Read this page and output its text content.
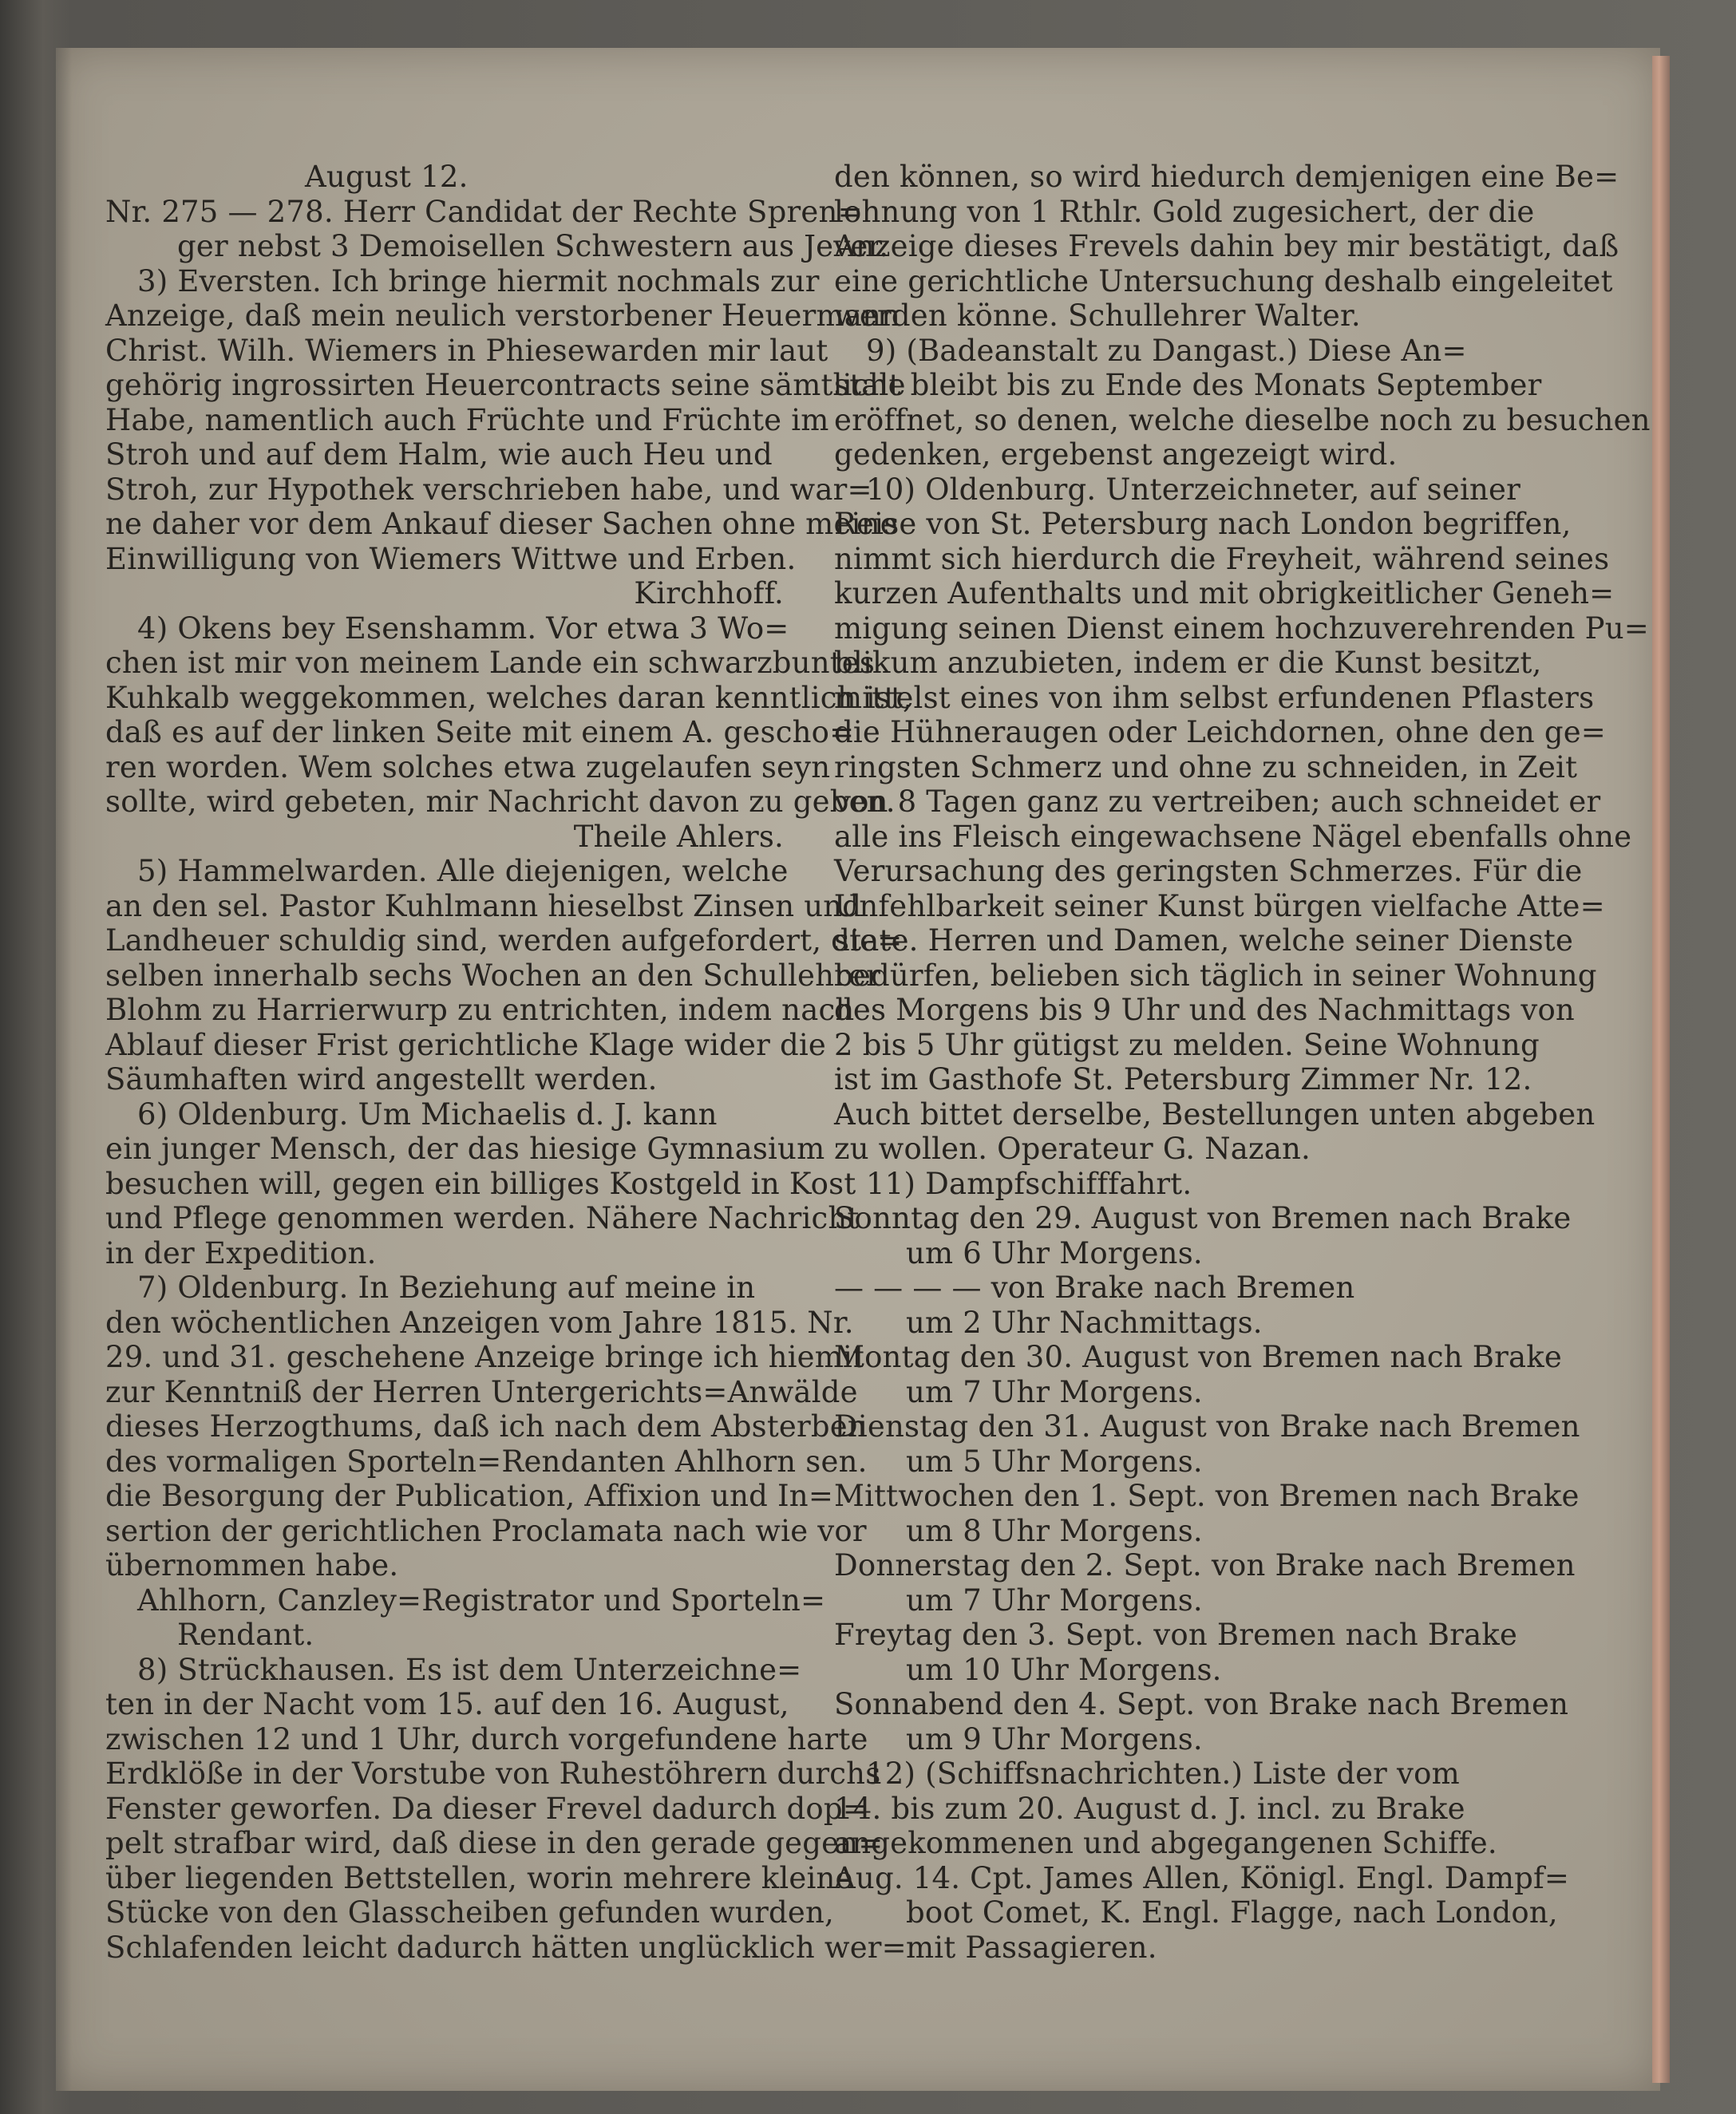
August 12.
Nr. 275 — 278. Herr Candidat der Rechte Spren=
ger nebst 3 Demoisellen Schwestern aus Jever.
3) Eversten. Ich bringe hiermit nochmals zur
Anzeige, daß mein neulich verstorbener Heuermann
Christ. Wilh. Wiemers in Phiesewarden mir laut
gehörig ingrossirten Heuercontracts seine sämtliche
Habe, namentlich auch Früchte und Früchte im
Stroh und auf dem Halm, wie auch Heu und
Stroh, zur Hypothek verschrieben habe, und war=
ne daher vor dem Ankauf dieser Sachen ohne meine
Einwilligung von Wiemers Wittwe und Erben.
Kirchhoff.
4) Okens bey Esenshamm. Vor etwa 3 Wo=
chen ist mir von meinem Lande ein schwarzbuntes
Kuhkalb weggekommen, welches daran kenntlich ist,
daß es auf der linken Seite mit einem A. gescho=
ren worden. Wem solches etwa zugelaufen seyn
sollte, wird gebeten, mir Nachricht davon zu geben.
Theile Ahlers.
5) Hammelwarden. Alle diejenigen, welche
an den sel. Pastor Kuhlmann hieselbst Zinsen und
Landheuer schuldig sind, werden aufgefordert, die=
selben innerhalb sechs Wochen an den Schullehrer
Blohm zu Harrierwurp zu entrichten, indem nach
Ablauf dieser Frist gerichtliche Klage wider die
Säumhaften wird angestellt werden.
6) Oldenburg. Um Michaelis d. J. kann
ein junger Mensch, der das hiesige Gymnasium
besuchen will, gegen ein billiges Kostgeld in Kost
und Pflege genommen werden. Nähere Nachricht
in der Expedition.
7) Oldenburg. In Beziehung auf meine in
den wöchentlichen Anzeigen vom Jahre 1815. Nr.
29. und 31. geschehene Anzeige bringe ich hiemit
zur Kenntniß der Herren Untergerichts=Anwälde
dieses Herzogthums, daß ich nach dem Absterben
des vormaligen Sporteln=Rendanten Ahlhorn sen.
die Besorgung der Publication, Affixion und In=
sertion der gerichtlichen Proclamata nach wie vor
übernommen habe.
Ahlhorn, Canzley=Registrator und Sporteln=
Rendant.
8) Strückhausen. Es ist dem Unterzeichne=
ten in der Nacht vom 15. auf den 16. August,
zwischen 12 und 1 Uhr, durch vorgefundene harte
Erdklöße in der Vorstube von Ruhestöhrern durchs
Fenster geworfen. Da dieser Frevel dadurch dop=
pelt strafbar wird, daß diese in den gerade gegen=
über liegenden Bettstellen, worin mehrere kleine
Stücke von den Glasscheiben gefunden wurden,
Schlafenden leicht dadurch hätten unglücklich wer=
den können, so wird hiedurch demjenigen eine Be=
lohnung von 1 Rthlr. Gold zugesichert, der die
Anzeige dieses Frevels dahin bey mir bestätigt, daß
eine gerichtliche Untersuchung deshalb eingeleitet
werden könne. Schullehrer Walter.
9) (Badeanstalt zu Dangast.) Diese An=
stalt bleibt bis zu Ende des Monats September
eröffnet, so denen, welche dieselbe noch zu besuchen
gedenken, ergebenst angezeigt wird.
10) Oldenburg. Unterzeichneter, auf seiner
Reise von St. Petersburg nach London begriffen,
nimmt sich hierdurch die Freyheit, während seines
kurzen Aufenthalts und mit obrigkeitlicher Geneh=
migung seinen Dienst einem hochzuverehrenden Pu=
blikum anzubieten, indem er die Kunst besitzt,
mittelst eines von ihm selbst erfundenen Pflasters
die Hühneraugen oder Leichdornen, ohne den ge=
ringsten Schmerz und ohne zu schneiden, in Zeit
von 8 Tagen ganz zu vertreiben; auch schneidet er
alle ins Fleisch eingewachsene Nägel ebenfalls ohne
Verursachung des geringsten Schmerzes. Für die
Unfehlbarkeit seiner Kunst bürgen vielfache Atte=
state. Herren und Damen, welche seiner Dienste
bedürfen, belieben sich täglich in seiner Wohnung
des Morgens bis 9 Uhr und des Nachmittags von
2 bis 5 Uhr gütigst zu melden. Seine Wohnung
ist im Gasthofe St. Petersburg Zimmer Nr. 12.
Auch bittet derselbe, Bestellungen unten abgeben
zu wollen. Operateur G. Nazan.
11) Dampfschifffahrt.
Sonntag den 29. August von Bremen nach Brake
um 6 Uhr Morgens.
— — — — von Brake nach Bremen
um 2 Uhr Nachmittags.
Montag den 30. August von Bremen nach Brake
um 7 Uhr Morgens.
Dienstag den 31. August von Brake nach Bremen
um 5 Uhr Morgens.
Mittwochen den 1. Sept. von Bremen nach Brake
um 8 Uhr Morgens.
Donnerstag den 2. Sept. von Brake nach Bremen
um 7 Uhr Morgens.
Freytag den 3. Sept. von Bremen nach Brake
um 10 Uhr Morgens.
Sonnabend den 4. Sept. von Brake nach Bremen
um 9 Uhr Morgens.
12) (Schiffsnachrichten.) Liste der vom
14. bis zum 20. August d. J. incl. zu Brake
angekommenen und abgegangenen Schiffe.
Aug. 14. Cpt. James Allen, Königl. Engl. Dampf=
boot Comet, K. Engl. Flagge, nach London,
mit Passagieren.
